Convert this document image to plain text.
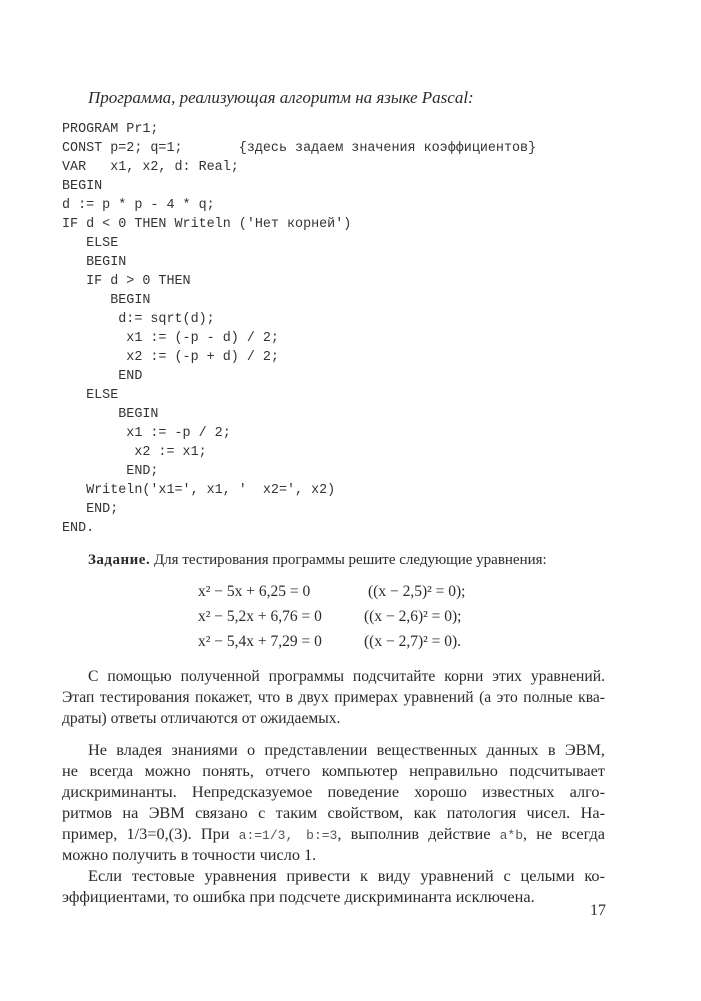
Программа, реализующая алгоритм на языке Pascal:
PROGRAM Pr1;
CONST p=2; q=1;       {здесь задаем значения коэффициентов}
VAR   x1, x2, d: Real;
BEGIN
d := p * p - 4 * q;
IF d < 0 THEN Writeln ('Нет корней')
ELSE
BEGIN
IF d > 0 THEN
BEGIN
d:= sqrt(d);
x1 := (-p - d) / 2;
x2 := (-p + d) / 2;
END
ELSE
BEGIN
x1 := -p / 2;
x2 := x1;
END;
Writeln('x1=', x1, '  x2=', x2)
END;
END.
Задание. Для тестирования программы решите следующие уравнения:
x² − 5x + 6,25 = 0	((x − 2,5)² = 0);
x² − 5,2x + 6,76 = 0	((x − 2,6)² = 0);
x² − 5,4x + 7,29 = 0	((x − 2,7)² = 0).
С помощью полученной программы подсчитайте корни этих уравнений.
Этап тестирования покажет, что в двух примерах уравнений (а это полные ква-
драты) ответы отличаются от ожидаемых.
Не владея знаниями о представлении вещественных данных в ЭВМ,
не всегда можно понять, отчего компьютер неправильно подсчитывает
дискриминанты. Непредсказуемое поведение хорошо известных алго-
ритмов на ЭВМ связано с таким свойством, как патология чисел. На-
пример, 1/3=0,(3). При a:=1/3, b:=3, выполнив действие a*b, не всегда
можно получить в точности число 1.
Если тестовые уравнения привести к виду уравнений с целыми ко-
эффициентами, то ошибка при подсчете дискриминанта исключена.
17
